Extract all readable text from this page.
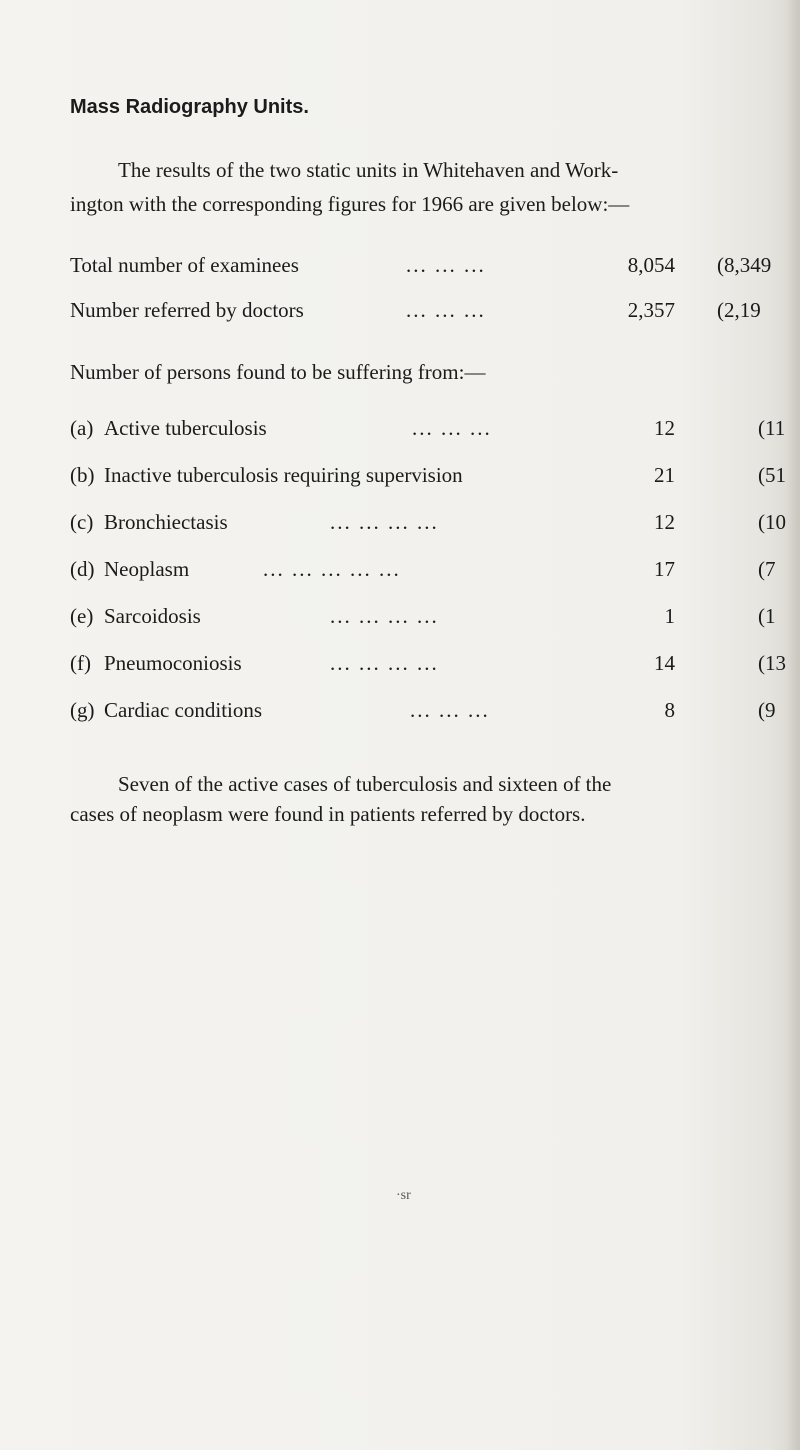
Mass Radiography Units.

The results of the two static units in Whitehaven and Work-
ington with the corresponding figures for 1966 are given below:—

Total number of examinees	... ... ...	8,054 (8,349
Number referred by doctors	... ... ...	2,357 (2,19

Number of persons found to be suffering from:—

(a) Active tuberculosis	... ... ...	12	(11
(b) Inactive tuberculosis requiring supervision	21	(51
(c) Bronchiectasis	... ... ... ...	12	(10
(d) Neoplasm	... ... ... ... ...	17	(7
(e) Sarcoidosis	... ... ... ...	1	(1
(f) Pneumoconiosis	... ... ... ...	14	(13
(g) Cardiac conditions	... ... ...	8	(9

Seven of the active cases of tuberculosis and sixteen of the
cases of neoplasm were found in patients referred by doctors.

·sr
